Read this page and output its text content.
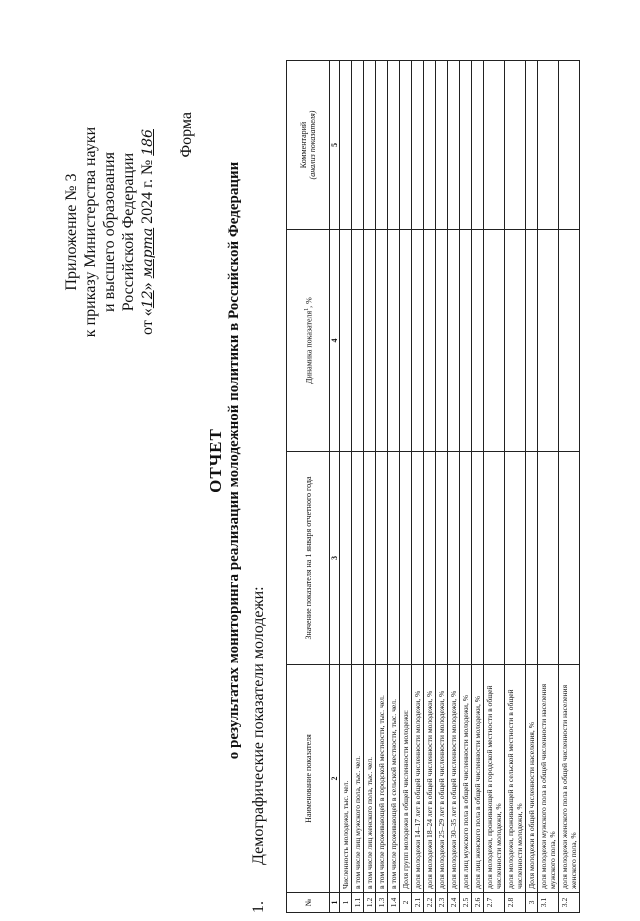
Приложение № 3 к приказу Министерства науки и высшего образования Российской Федерации
от «12» марта 2024 г. № 186 Форма
ОТЧЕТ о результатах мониторинга реализации молодежной политики в Российской Федерации
1.Демографические показатели молодежи:
№	Наименование показателя	Значение показателя на 1 января отчетного года	Динамика показателя$^1$, %	Комментарий
(анализ показателя)
1	2	3	4	5
1	Численность молодежи, тыс. чел.			
1.1	в том числе лиц мужского пола, тыс. чел.			
1.2	в том числе лиц женского пола, тыс. чел.			
1.3	в том числе проживающей в городской местности, тыс. чел.			
1.4	в том числе проживающей в сельской местности, тыс. чел.			
2	Доля групп молодежи в общей численности молодежи:			
2.1	доля молодежи 14–17 лет в общей численности молодежи, %			
2.2	доля молодежи 18–24 лет в общей численности молодежи, %			
2.3	доля молодежи 25–29 лет в общей численности молодежи, %			
2.4	доля молодежи 30–35 лет в общей численности молодежи, %			
2.5	доля лиц мужского пола в общей численности молодежи, %			
2.6	доля лиц женского пола в общей численности молодежи, %			
2.7	доля молодежи, проживающей в городской местности в общей численности молодежи, %			
2.8	доля молодежи, проживающей в сельской местности в общей численности молодежи, %			
3	Доля молодежи в общей численности населения, %			
3.1	доля молодежи мужского пола в общей численности населения мужского пола, %			
3.2	доля молодежи женского пола в общей численности населения женского пола, %			
